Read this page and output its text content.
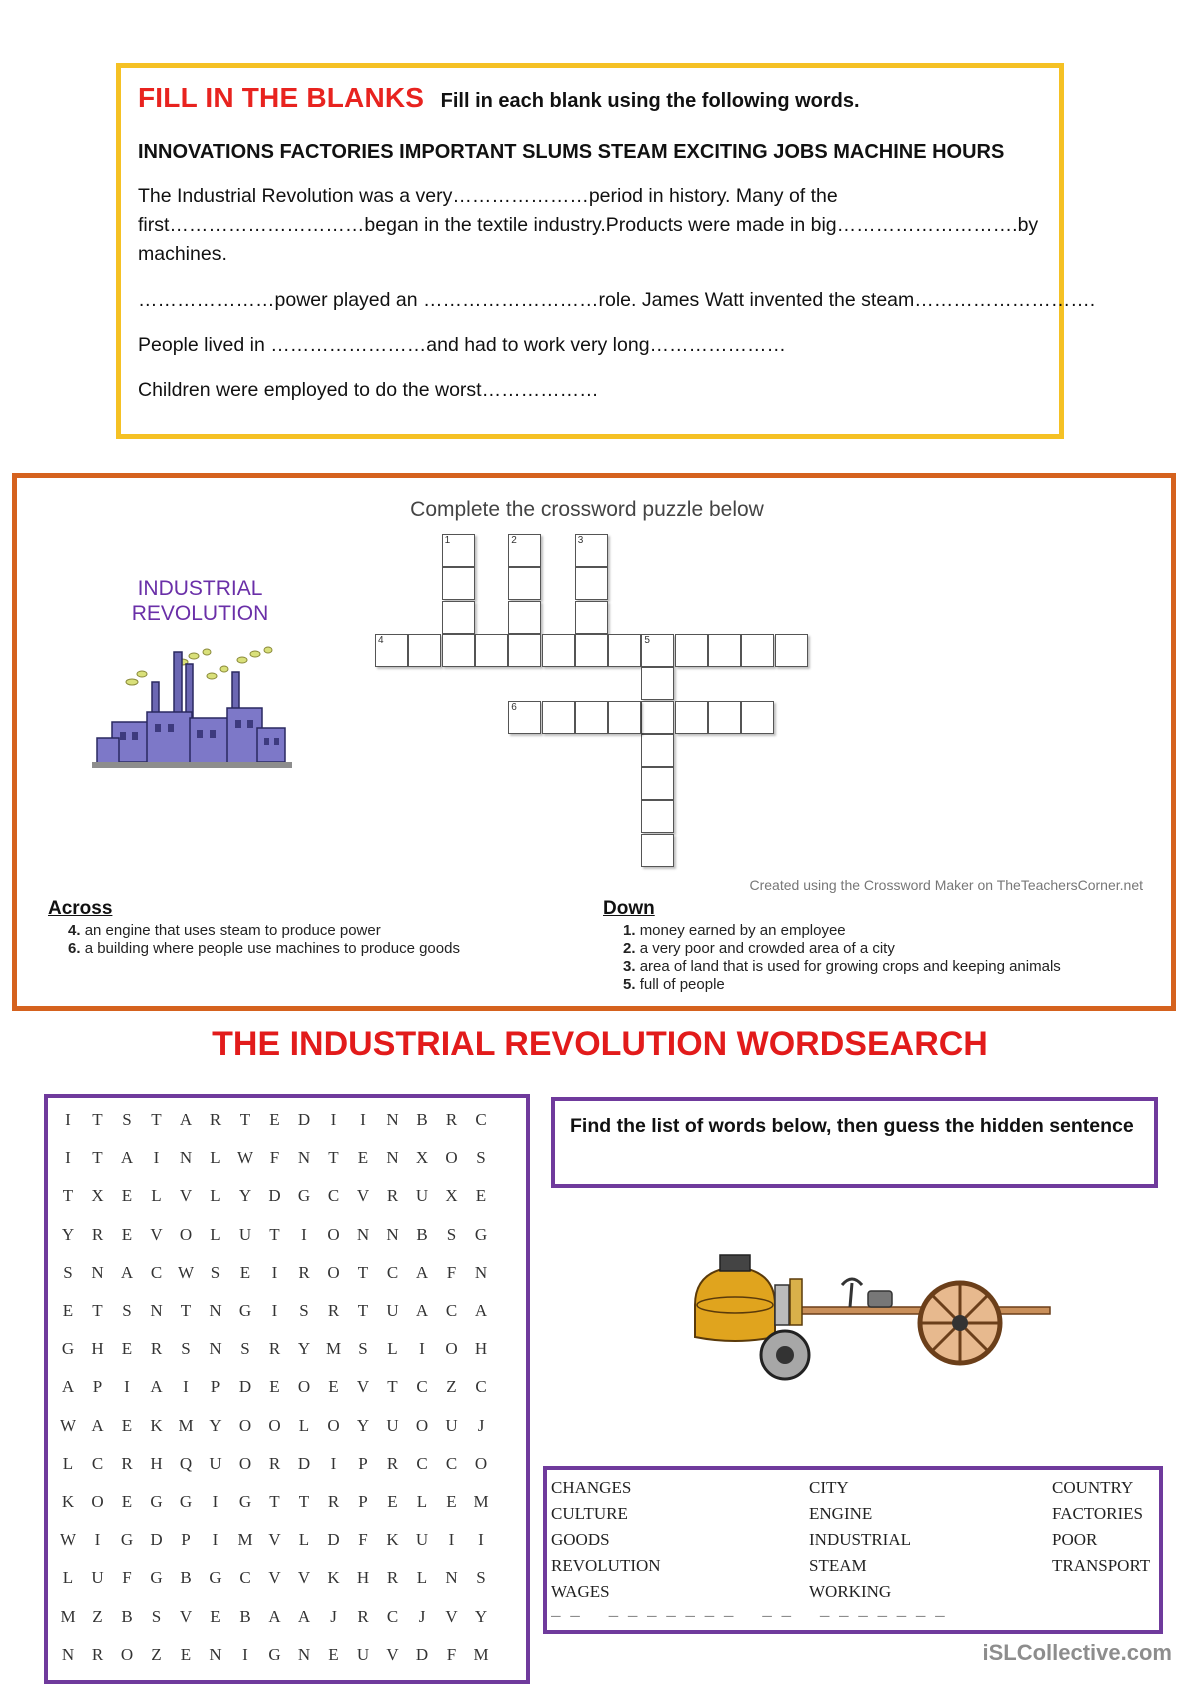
FILL IN THE BLANKS Fill in each blank using the following words.
INNOVATIONS FACTORIES IMPORTANT SLUMS STEAM EXCITING JOBS MACHINE HOURS
The Industrial Revolution was a very…………………period in history. Many of the first…………………………began in the textile industry.Products were made in big……………………….by machines.
…………………power played an ………………………role. James Watt invented the steam……………………….
People lived in ……………………and had to work very long…………………
Children were employed to do the worst………………
Complete the crossword puzzle below
INDUSTRIAL
REVOLUTION
1	2	3
4	5
6
Created using the Crossword Maker on TheTeachersCorner.net
Across
4. an engine that uses steam to produce power
6. a building where people use machines to produce goods
Down
1. money earned by an employee
2. a very poor and crowded area of a city
3. area of land that is used for growing crops and keeping animals
5. full of people
THE INDUSTRIAL REVOLUTION WORDSEARCH
I	T	S	T A R T E D	I	I	N B R C
I	T A	I	N L W F	N T E N X O	S
T X E L V L Y D G C V R U X E
Y R E V O L U T	I	O N N B	S	G
S	N A C W S	E	I	R O T C A	F	N
E T	S	N T N G	I	S	R T U A C A
G H E R	S	N	S	R Y M	S	L	I	O H
A	P	I	A	I	P	D E O E V T C Z C
W A E K M Y O O L O Y U O U	J
L C R H Q U O R D	I	P	R C C O
K O E G G	I	G T T R	P	E L E M
W	I	G D	P	I	M V L D	F	K U	I	I
L U	F	G B G C V V K H R L N	S
M Z B	S	V E B A A	J	R C	J	V Y
N R O Z E N	I	G N E U V D	F	M
Find the list of words below, then guess the hidden sentence
CHANGES	CITY	COUNTRY
CULTURE	ENGINE	FACTORIES
GOODS	INDUSTRIAL	POOR
REVOLUTION	STEAM	TRANSPORT
WAGES	WORKING
_ _   _ _ _ _ _ _ _   _ _   _ _ _ _ _ _ _
iSLCollective.com
